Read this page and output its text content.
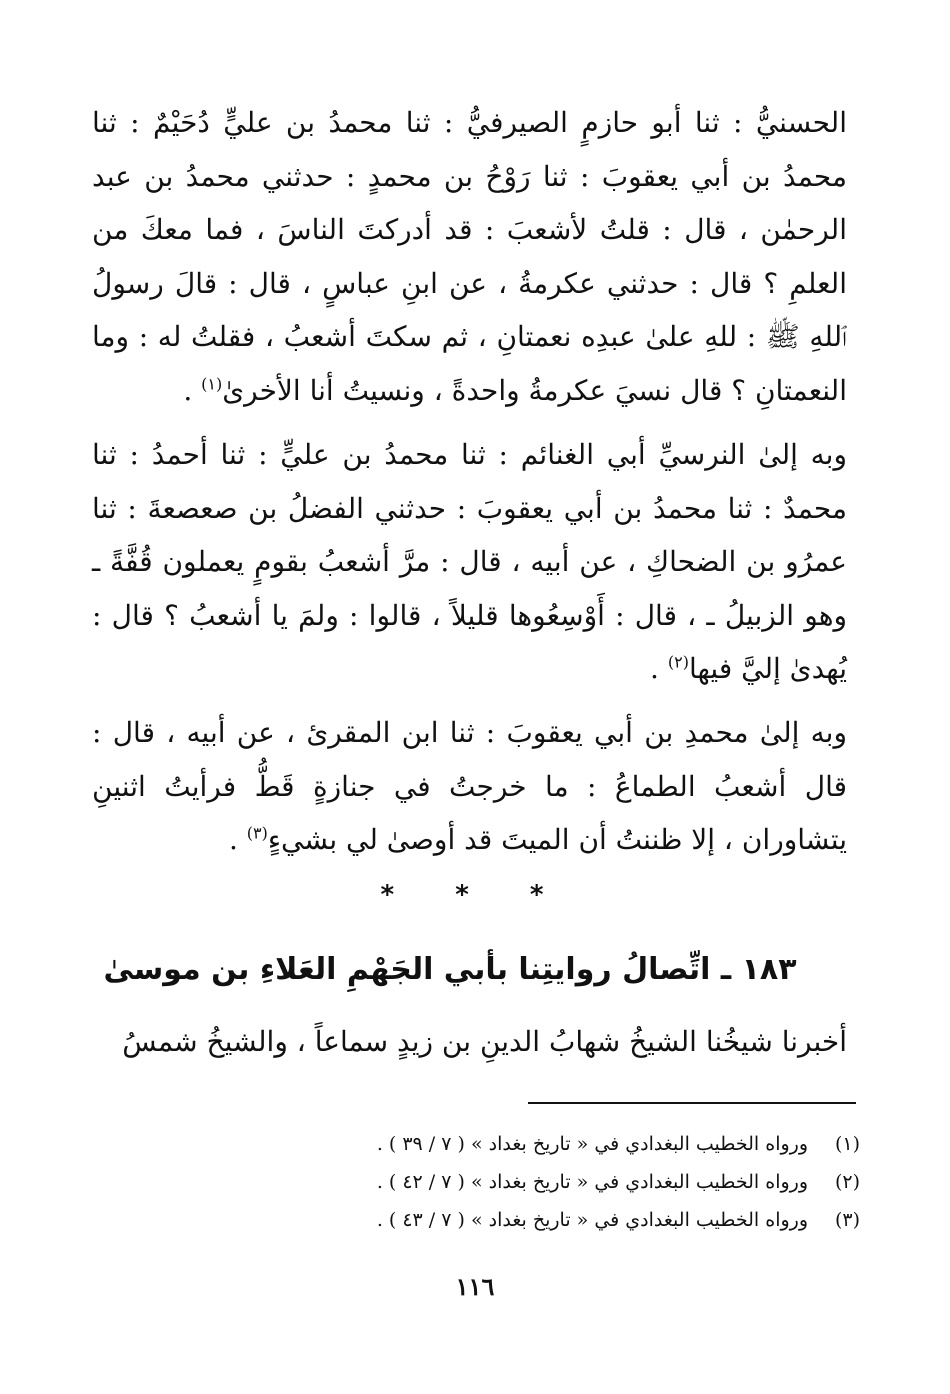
الحسنيُّ : ثنا أبو حازمٍ الصيرفيُّ : ثنا محمدُ بن عليٍّ دُحَيْمٌ : ثنا محمدُ بن أبي يعقوبَ : ثنا رَوْحُ بن محمدٍ : حدثني محمدُ بن عبد الرحمٰن ، قال : قلتُ لأشعبَ : قد أدركتَ الناسَ ، فما معكَ من العلمِ ؟ قال : حدثني عكرمةُ ، عن ابنِ عباسٍ ، قال : قالَ رسولُ ٱللهِ ﷺ : للهِ علىٰ عبدِه نعمتانِ ، ثم سكتَ أشعبُ ، فقلتُ له : وما النعمتانِ ؟ قال نسيَ عكرمةُ واحدةً ، ونسيتُ أنا الأخرىٰ$^{(١)}$ .
وبه إلىٰ النرسيِّ أبي الغنائم : ثنا محمدُ بن عليٍّ : ثنا أحمدُ : ثنا محمدٌ : ثنا محمدُ بن أبي يعقوبَ : حدثني الفضلُ بن صعصعةَ : ثنا عمرُو بن الضحاكِ ، عن أبيه ، قال : مرَّ أشعبُ بقومٍ يعملون قُفَّةً ـ وهو الزبيلُ ـ ، قال : أَوْسِعُوها قليلاً ، قالوا : ولمَ يا أشعبُ ؟ قال : يُهدىٰ إليَّ فيها$^{(٢)}$ .
وبه إلىٰ محمدِ بن أبي يعقوبَ : ثنا ابن المقرئ ، عن أبيه ، قال : قال أشعبُ الطماعُ : ما خرجتُ في جنازةٍ قَطُّ فرأيتُ اثنينِ يتشاوران ، إلا ظننتُ أن الميتَ قد أوصىٰ لي بشيءٍ$^{(٣)}$ .
* * *
١٨٣ ـ اتِّصالُ روايتِنا بأبي الجَهْمِ العَلاءِ بن موسىٰ
أخبرنا شيخُنا الشيخُ شهابُ الدينِ بن زيدٍ سماعاً ، والشيخُ شمسُ
(١)
ورواه الخطيب البغدادي في « تاريخ بغداد » ( ٧ / ٣٩ ) .
(٢)
ورواه الخطيب البغدادي في « تاريخ بغداد » ( ٧ / ٤٢ ) .
(٣)
ورواه الخطيب البغدادي في « تاريخ بغداد » ( ٧ / ٤٣ ) .
١١٦
